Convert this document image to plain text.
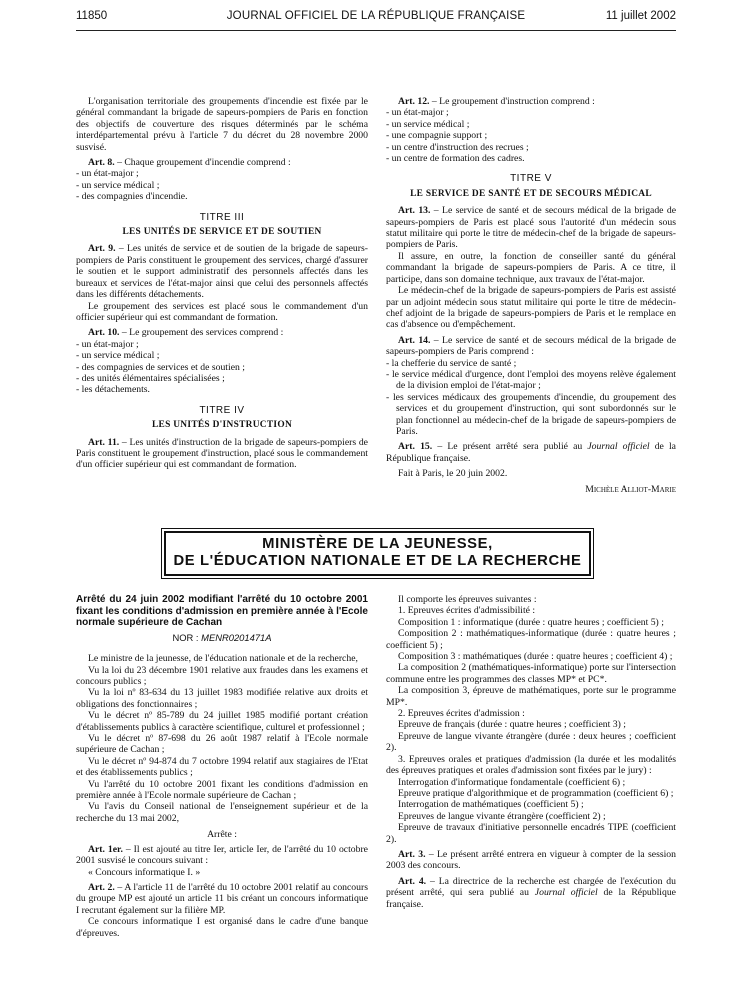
11850	JOURNAL OFFICIEL DE LA RÉPUBLIQUE FRANÇAISE	11 juillet 2002

L'organisation territoriale des groupements d'incendie est fixée par le général commandant la brigade de sapeurs-pompiers de Paris en fonction des objectifs de couverture des risques déterminés par le schéma interdépartemental prévu à l'article 7 du décret du 28 novembre 2000 susvisé.

Art. 8. – Chaque groupement d'incendie comprend :

- un état-major ;
- un service médical ;
- des compagnies d'incendie.
TITRE III
LES UNITÉS DE SERVICE ET DE SOUTIEN

Art. 9. – Les unités de service et de soutien de la brigade de sapeurs-pompiers de Paris constituent le groupement des services, chargé d'assurer le soutien et le support administratif des personnels affectés dans les bureaux et services de l'état-major ainsi que celui des personnels affectés dans les différents détachements.

Le groupement des services est placé sous le commandement d'un officier supérieur qui est commandant de formation.

Art. 10. – Le groupement des services comprend :

- un état-major ;
- un service médical ;
- des compagnies de services et de soutien ;
- des unités élémentaires spécialisées ;
- les détachements.
TITRE IV
LES UNITÉS D'INSTRUCTION

Art. 11. – Les unités d'instruction de la brigade de sapeurs-pompiers de Paris constituent le groupement d'instruction, placé sous le commandement d'un officier supérieur qui est commandant de formation.

Art. 12. – Le groupement d'instruction comprend :

- un état-major ;
- un service médical ;
- une compagnie support ;
- un centre d'instruction des recrues ;
- un centre de formation des cadres.
TITRE V
LE SERVICE DE SANTÉ ET DE SECOURS MÉDICAL

Art. 13. – Le service de santé et de secours médical de la brigade de sapeurs-pompiers de Paris est placé sous l'autorité d'un médecin sous statut militaire qui porte le titre de médecin-chef de la brigade de sapeurs-pompiers de Paris.

Il assure, en outre, la fonction de conseiller santé du général commandant la brigade de sapeurs-pompiers de Paris. A ce titre, il participe, dans son domaine technique, aux travaux de l'état-major.

Le médecin-chef de la brigade de sapeurs-pompiers de Paris est assisté par un adjoint médecin sous statut militaire qui porte le titre de médecin-chef adjoint de la brigade de sapeurs-pompiers de Paris et le remplace en cas d'absence ou d'empêchement.

Art. 14. – Le service de santé et de secours médical de la brigade de sapeurs-pompiers de Paris comprend :

- la chefferie du service de santé ;
- le service médical d'urgence, dont l'emploi des moyens relève également de la division emploi de l'état-major ;
- les services médicaux des groupements d'incendie, du groupement des services et du groupement d'instruction, qui sont subordonnés sur le plan fonctionnel au médecin-chef de la brigade de sapeurs-pompiers de Paris.

Art. 15. – Le présent arrêté sera publié au Journal officiel de la République française.

Fait à Paris, le 20 juin 2002.

Michèle Alliot-Marie
MINISTÈRE DE LA JEUNESSE,
DE L'ÉDUCATION NATIONALE ET DE LA RECHERCHE
Arrêté du 24 juin 2002 modifiant l'arrêté du 10 octobre 2001 fixant les conditions d'admission en première année à l'Ecole normale supérieure de Cachan
NOR : MENR0201471A

Le ministre de la jeunesse, de l'éducation nationale et de la recherche,

Vu la loi du 23 décembre 1901 relative aux fraudes dans les examens et concours publics ;

Vu la loi nº 83-634 du 13 juillet 1983 modifiée relative aux droits et obligations des fonctionnaires ;

Vu le décret nº 85-789 du 24 juillet 1985 modifié portant création d'établissements publics à caractère scientifique, culturel et professionnel ;

Vu le décret nº 87-698 du 26 août 1987 relatif à l'Ecole normale supérieure de Cachan ;

Vu le décret nº 94-874 du 7 octobre 1994 relatif aux stagiaires de l'Etat et des établissements publics ;

Vu l'arrêté du 10 octobre 2001 fixant les conditions d'admission en première année à l'Ecole normale supérieure de Cachan ;

Vu l'avis du Conseil national de l'enseignement supérieur et de la recherche du 13 mai 2002,

Arrête :

Art. 1er. – Il est ajouté au titre Ier, article Ier, de l'arrêté du 10 octobre 2001 susvisé le concours suivant :

« Concours informatique I. »

Art. 2. – A l'article 11 de l'arrêté du 10 octobre 2001 relatif au concours du groupe MP est ajouté un article 11 bis créant un concours informatique I recrutant également sur la filière MP.

Ce concours informatique I est organisé dans le cadre d'une banque d'épreuves.

Il comporte les épreuves suivantes :

1. Epreuves écrites d'admissibilité :

Composition 1 : informatique (durée : quatre heures ; coefficient 5) ;

Composition 2 : mathématiques-informatique (durée : quatre heures ; coefficient 5) ;

Composition 3 : mathématiques (durée : quatre heures ; coefficient 4) ;

La composition 2 (mathématiques-informatique) porte sur l'intersection commune entre les programmes des classes MP* et PC*.

La composition 3, épreuve de mathématiques, porte sur le programme MP*.

2. Epreuves écrites d'admission :

Epreuve de français (durée : quatre heures ; coefficient 3) ;

Epreuve de langue vivante étrangère (durée : deux heures ; coefficient 2).

3. Epreuves orales et pratiques d'admission (la durée et les modalités des épreuves pratiques et orales d'admission sont fixées par le jury) :

Interrogation d'informatique fondamentale (coefficient 6) ;

Epreuve pratique d'algorithmique et de programmation (coefficient 6) ;

Interrogation de mathématiques (coefficient 5) ;

Epreuves de langue vivante étrangère (coefficient 2) ;

Epreuve de travaux d'initiative personnelle encadrés TIPE (coefficient 2).

Art. 3. – Le présent arrêté entrera en vigueur à compter de la session 2003 des concours.

Art. 4. – La directrice de la recherche est chargée de l'exécution du présent arrêté, qui sera publié au Journal officiel de la République française.
